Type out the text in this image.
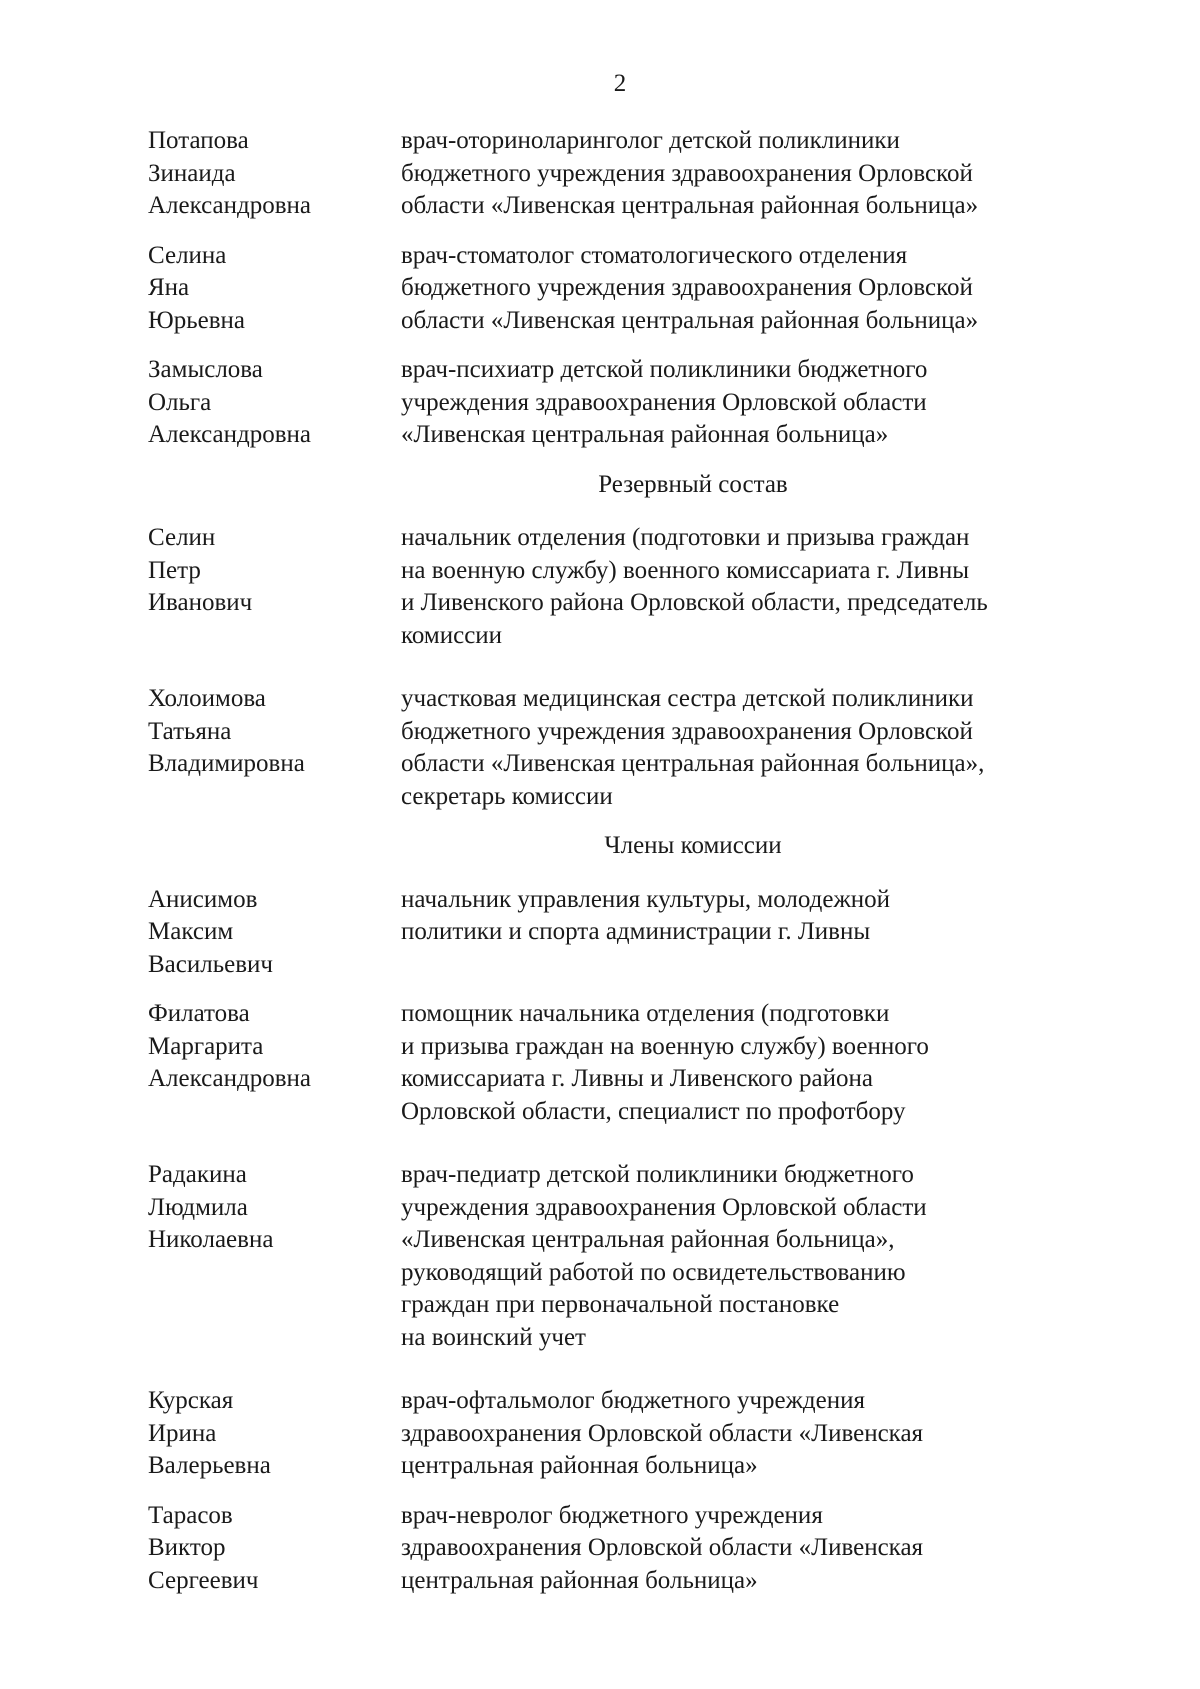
2
Потапова
Зинаида
Александровна
врач-оториноларинголог детской поликлиники
бюджетного учреждения здравоохранения Орловской
области «Ливенская центральная районная больница»
Селина
Яна
Юрьевна
врач-стоматолог стоматологического отделения
бюджетного учреждения здравоохранения Орловской
области «Ливенская центральная районная больница»
Замыслова
Ольга
Александровна
врач-психиатр детской поликлиники бюджетного
учреждения здравоохранения Орловской области
«Ливенская центральная районная больница»
Резервный состав
Селин
Петр
Иванович
начальник отделения (подготовки и призыва граждан
на военную службу) военного комиссариата г. Ливны
и Ливенского района Орловской области, председатель
комиссии
Холоимова
Татьяна
Владимировна
участковая медицинская сестра детской поликлиники
бюджетного учреждения здравоохранения Орловской
области «Ливенская центральная районная больница»,
секретарь комиссии
Члены комиссии
Анисимов
Максим
Васильевич
начальник управления культуры, молодежной
политики и спорта администрации г. Ливны
Филатова
Маргарита
Александровна
помощник начальника отделения (подготовки
и призыва граждан на военную службу) военного
комиссариата г. Ливны и Ливенского района
Орловской области, специалист по профотбору
Радакина
Людмила
Николаевна
врач-педиатр детской поликлиники бюджетного
учреждения здравоохранения Орловской области
«Ливенская центральная районная больница»,
руководящий работой по освидетельствованию
граждан при первоначальной постановке
на воинский учет
Курская
Ирина
Валерьевна
врач-офтальмолог бюджетного учреждения
здравоохранения Орловской области «Ливенская
центральная районная больница»
Тарасов
Виктор
Сергеевич
врач-невролог бюджетного учреждения
здравоохранения Орловской области «Ливенская
центральная районная больница»
